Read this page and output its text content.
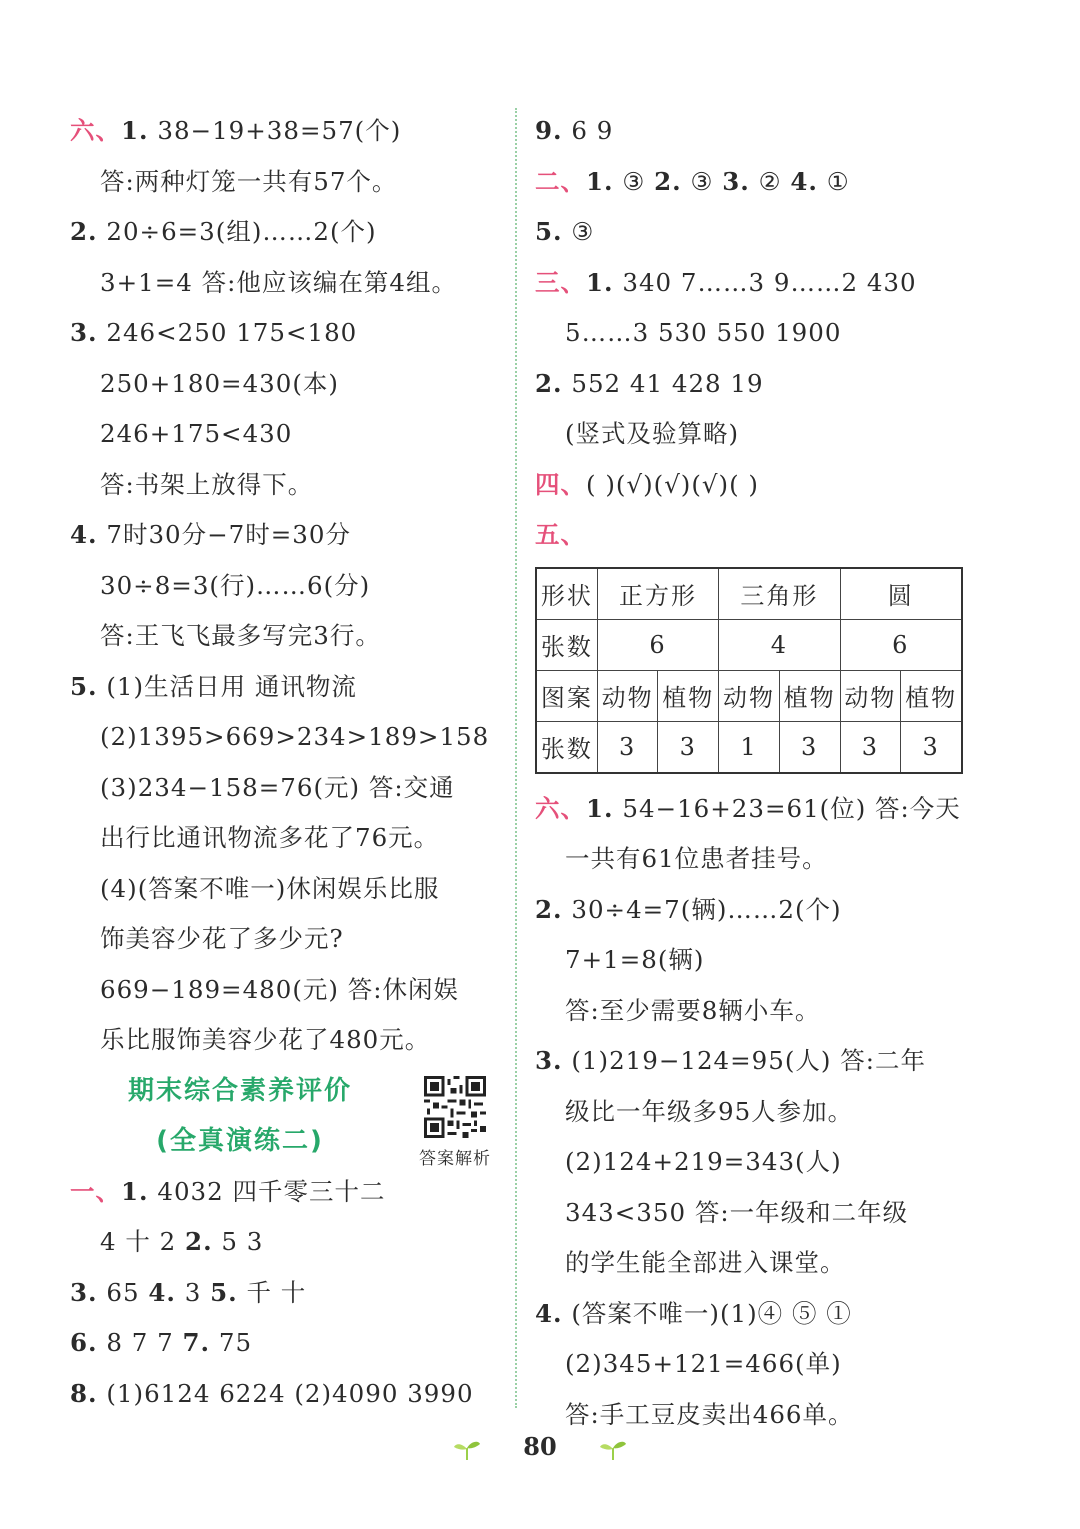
六、1. 38−19+38=57(个)
答:两种灯笼一共有57个。
2. 20÷6=3(组)……2(个)
3+1=4 答:他应该编在第4组。
3. 246<250 175<180
250+180=430(本)
246+175<430
答:书架上放得下。
4. 7时30分−7时=30分
30÷8=3(行)……6(分)
答:王飞飞最多写完3行。
5. (1)生活日用 通讯物流
(2)1395>669>234>189>158
(3)234−158=76(元) 答:交通
出行比通讯物流多花了76元。
(4)(答案不唯一)休闲娱乐比服
饰美容少花了多少元?
669−189=480(元) 答:休闲娱
乐比服饰美容少花了480元。
期末综合素养评价
(全真演练二)
一、1. 4032 四千零三十二
4 十 2 2. 5 3
3. 65 4. 3 5. 千 十
6. 8 7 7 7. 75
8. (1)6124 6224 (2)4090 3990
9. 6 9
二、1. ③ 2. ③ 3. ② 4. ①
5. ③
三、1. 340 7……3 9……2 430
5……3 530 550 1900
2. 552 41 428 19
(竖式及验算略)
四、( )(√)(√)(√)( )
五、
形状	正方形		三角形		圆	
张数	6		4		6	
图案	动物	植物	动物	植物	动物	植物
张数	3	3	1	3	3	3
六、1. 54−16+23=61(位) 答:今天
一共有61位患者挂号。
2. 30÷4=7(辆)……2(个)
7+1=8(辆)
答:至少需要8辆小车。
3. (1)219−124=95(人) 答:二年
级比一年级多95人参加。
(2)124+219=343(人)
343<350 答:一年级和二年级
的学生能全部进入课堂。
4. (答案不唯一)(1)④ ⑤ ①
(2)345+121=466(单)
答:手工豆皮卖出466单。
答案解析
80
